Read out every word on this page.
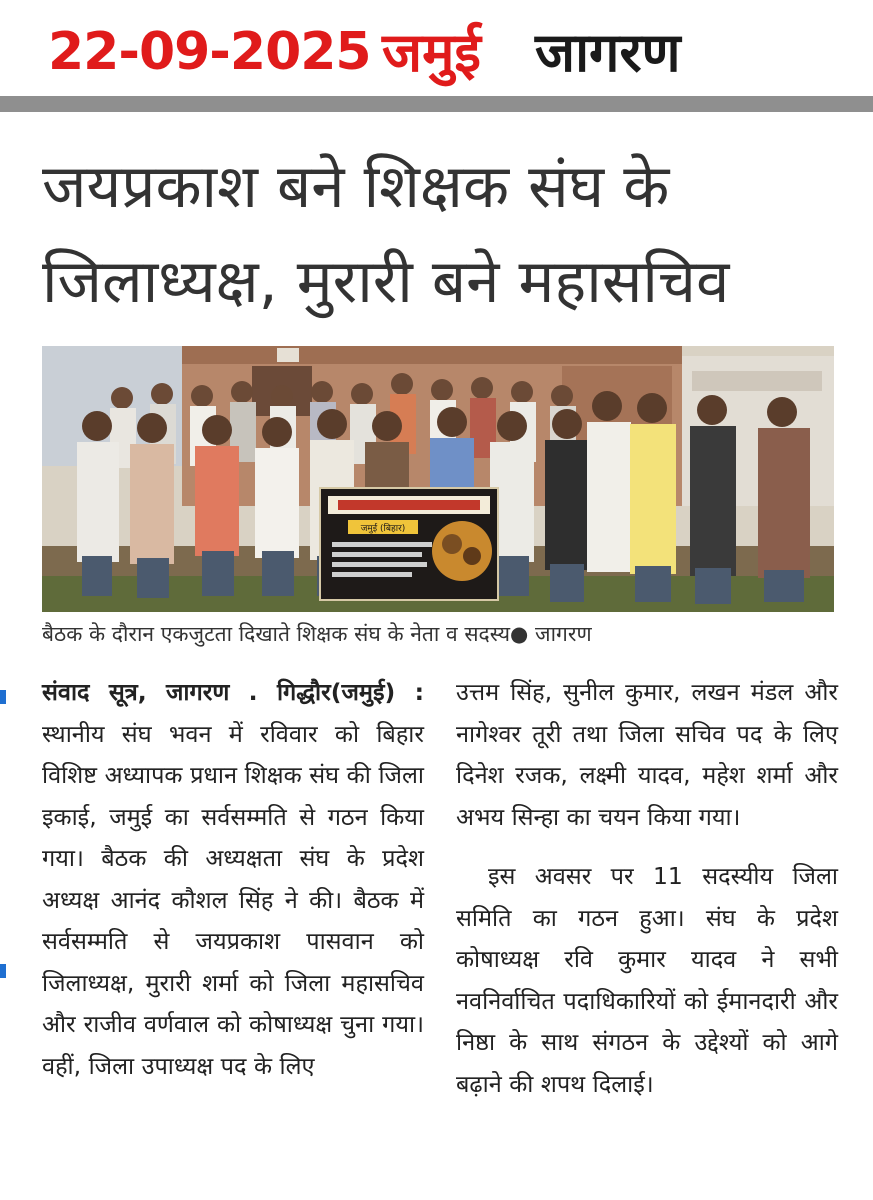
22-09-2025 जमुई जागरण
जयप्रकाश बने शिक्षक संघ के
जिलाध्यक्ष, मुरारी बने महासचिव
जमुई (बिहार)
बैठक के दौरान एकजुटता दिखाते शिक्षक संघ के नेता व सदस्य● जागरण

संवाद सूत्र, जागरण . गिद्धौर(जमुई) : स्थानीय संघ भवन में रविवार को बिहार विशिष्ट अध्यापक प्रधान शिक्षक संघ की जिला इकाई, जमुई का सर्वसम्मति से गठन किया गया। बैठक की अध्यक्षता संघ के प्रदेश अध्यक्ष आनंद कौशल सिंह ने की। बैठक में सर्वसम्मति से जयप्रकाश पासवान को जिलाध्यक्ष, मुरारी शर्मा को जिला महासचिव और राजीव वर्णवाल को कोषाध्यक्ष चुना गया। वहीं, जिला उपाध्यक्ष पद के लिए

उत्तम सिंह, सुनील कुमार, लखन मंडल और नागेश्वर तूरी तथा जिला सचिव पद के लिए दिनेश रजक, लक्ष्मी यादव, महेश शर्मा और अभय सिन्हा का चयन किया गया।

इस अवसर पर 11 सदस्यीय जिला समिति का गठन हुआ। संघ के प्रदेश कोषाध्यक्ष रवि कुमार यादव ने सभी नवनिर्वाचित पदाधिकारियों को ईमानदारी और निष्ठा के साथ संगठन के उद्देश्यों को आगे बढ़ाने की शपथ दिलाई।
